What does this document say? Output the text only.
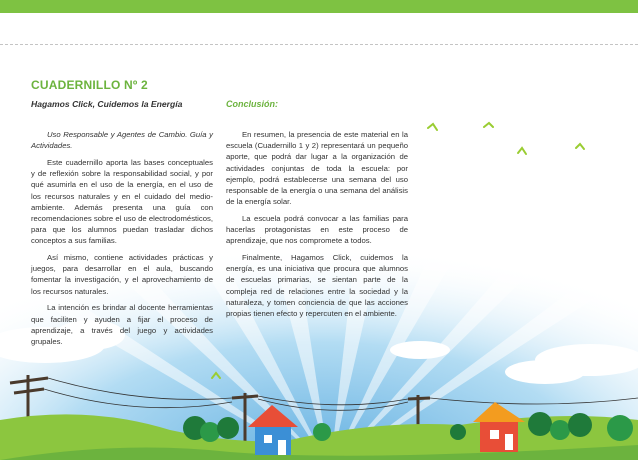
CUADERNILLO Nº 2
Hagamos Click, Cuidemos la Energía	Conclusión:

Uso Responsable y Agentes de Cambio. Guía y Actividades.

Este cuadernillo aporta las bases conceptuales y de reflexión sobre la responsabilidad social, y por qué asumirla en el uso de la energía, en el uso de los recursos naturales y en el cuidado del medio-ambiente. Además presenta una guía con recomendaciones sobre el uso de electrodomésticos, para que los alumnos puedan trasladar dichos conceptos a sus familias.

Así mismo, contiene actividades prácticas y juegos, para desarrollar en el aula, buscando fomentar la investigación, y el aprovechamiento de los recursos naturales.

La intención es brindar al docente herramientas que faciliten y ayuden a fijar el proceso de aprendizaje, a través del juego y actividades grupales.

En resumen, la presencia de este material en la escuela (Cuadernillo 1 y 2) representará un pequeño aporte, que podrá dar lugar a la organización de actividades conjuntas de toda la escuela: por ejemplo, podrá establecerse una semana del uso responsable de la energía o una semana del análisis de la energía solar.

La escuela podrá convocar a las familias para hacerlas protagonistas en este proceso de aprendizaje, que nos compromete a todos.

Finalmente, Hagamos Click, cuidemos la energía, es una iniciativa que procura que alumnos de escuelas primarias, se sientan parte de la compleja red de relaciones entre la sociedad y la naturaleza, y tomen conciencia de que las acciones propias tienen efecto y repercuten en el ambiente.
